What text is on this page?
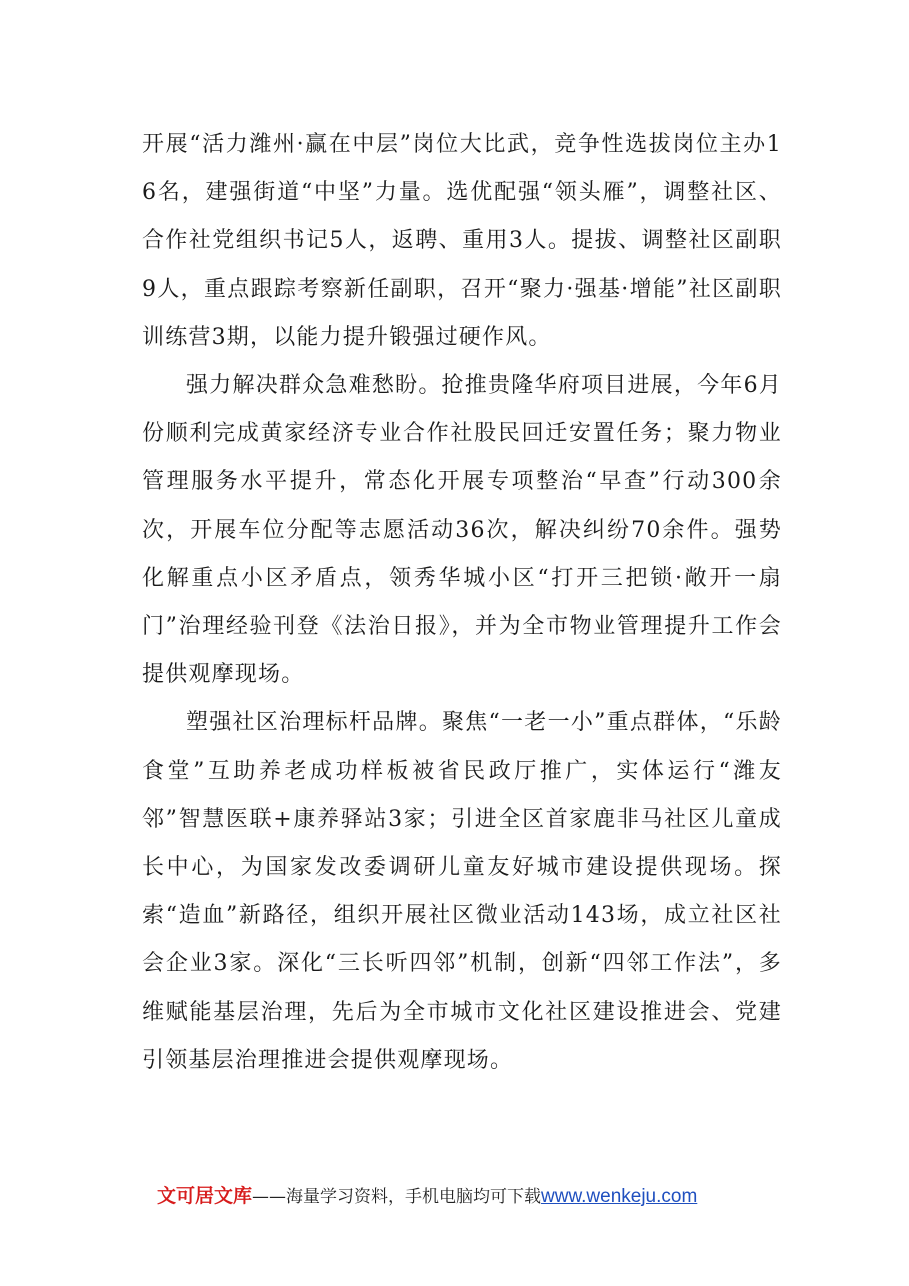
开展“活力潍州·赢在中层”岗位大比武，竞争性选拔岗位主办16名，建强街道“中坚”力量。选优配强“领头雁”，调整社区、合作社党组织书记5人，返聘、重用3人。提拔、调整社区副职9人，重点跟踪考察新任副职，召开“聚力·强基·增能”社区副职训练营3期，以能力提升锻强过硬作风。

强力解决群众急难愁盼。抢推贵隆华府项目进展，今年6月份顺利完成黄家经济专业合作社股民回迁安置任务；聚力物业管理服务水平提升，常态化开展专项整治“早查”行动300余次，开展车位分配等志愿活动36次，解决纠纷70余件。强势化解重点小区矛盾点，领秀华城小区“打开三把锁·敞开一扇门”治理经验刊登《法治日报》，并为全市物业管理提升工作会提供观摩现场。

塑强社区治理标杆品牌。聚焦“一老一小”重点群体，“乐龄食堂”互助养老成功样板被省民政厅推广，实体运行“潍友邻”智慧医联+康养驿站3家；引进全区首家鹿非马社区儿童成长中心，为国家发改委调研儿童友好城市建设提供现场。探索“造血”新路径，组织开展社区微业活动143场，成立社区社会企业3家。深化“三长听四邻”机制，创新“四邻工作法”，多维赋能基层治理，先后为全市城市文化社区建设推进会、党建引领基层治理推进会提供观摩现场。

文可居文库——海量学习资料，手机电脑均可下载www.wenkeju.com
